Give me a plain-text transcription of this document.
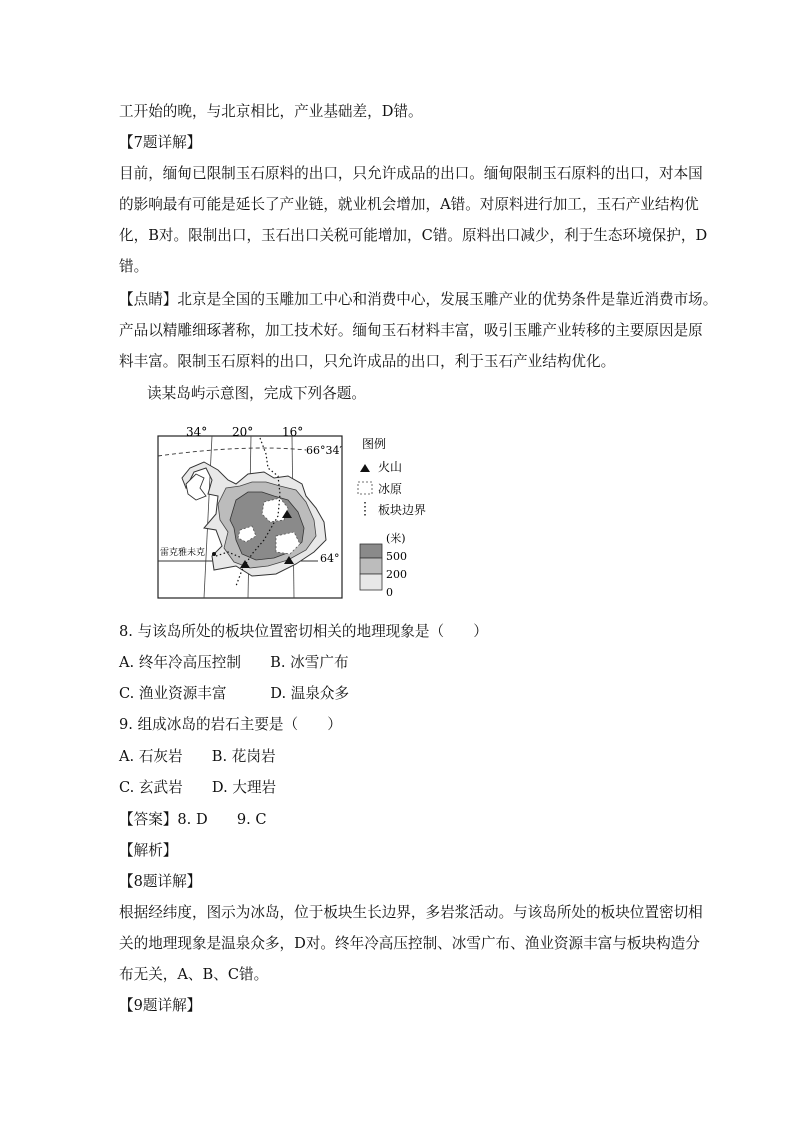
工开始的晚，与北京相比，产业基础差，D错。
【7题详解】
目前，缅甸已限制玉石原料的出口，只允许成品的出口。缅甸限制玉石原料的出口，对本国
的影响最有可能是延长了产业链，就业机会增加，A错。对原料进行加工，玉石产业结构优
化，B对。限制出口，玉石出口关税可能增加，C错。原料出口减少，利于生态环境保护，D
错。
【点睛】北京是全国的玉雕加工中心和消费中心，发展玉雕产业的优势条件是靠近消费市场。
产品以精雕细琢著称，加工技术好。缅甸玉石材料丰富，吸引玉雕产业转移的主要原因是原
料丰富。限制玉石原料的出口，只允许成品的出口，利于玉石产业结构优化。
读某岛屿示意图，完成下列各题。
34° 20° 16°
66°34′
64°
雷克雅未克
图例
火山
冰原
板块边界
(米)
500
200
0
8. 与该岛所处的板块位置密切相关的地理现象是（　　）
A. 终年冷高压控制　　B. 冰雪广布
C. 渔业资源丰富　　　D. 温泉众多
9. 组成冰岛的岩石主要是（　　）
A. 石灰岩　　B. 花岗岩
C. 玄武岩　　D. 大理岩
【答案】8. D　　9. C
【解析】
【8题详解】
根据经纬度，图示为冰岛，位于板块生长边界，多岩浆活动。与该岛所处的板块位置密切相
关的地理现象是温泉众多，D对。终年冷高压控制、冰雪广布、渔业资源丰富与板块构造分
布无关，A、B、C错。
【9题详解】
